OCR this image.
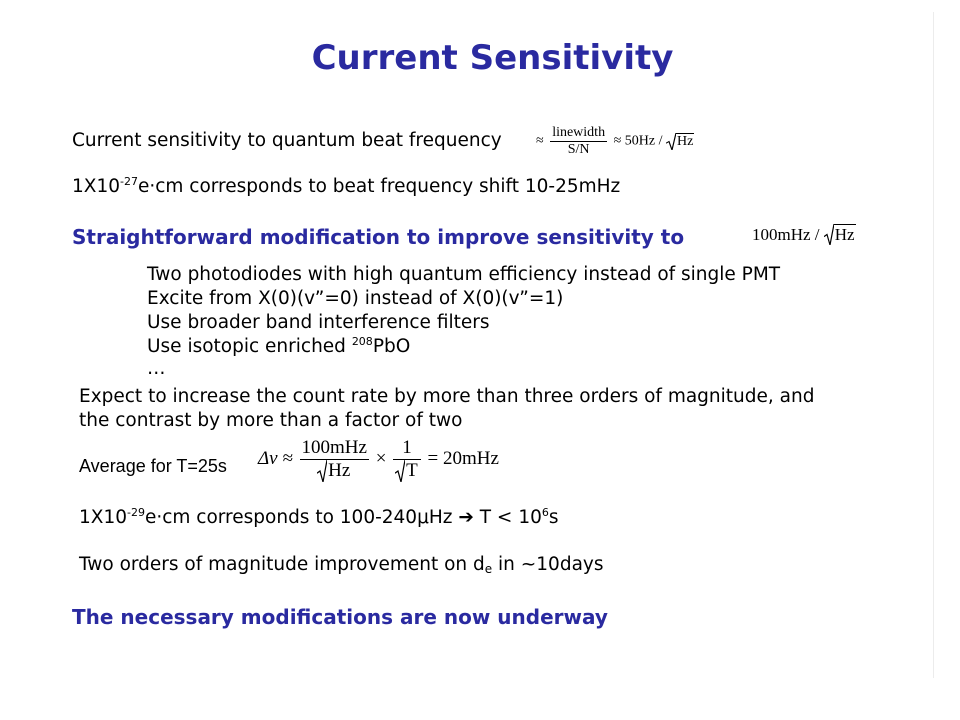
Current Sensitivity
Current sensitivity to quantum beat frequency ≈ $\frac{\text{linewidth}}{S/N} \approx 50Hz / Hz$
$1X10^{-27}e\cdot cm$ corresponds to beat frequency shift 10-25mHz
Straightforward modification to improve sensitivity to	100mHz / Hz
Two photodiodes with high quantum efficiency instead of single PMT
Excite from X(0)(v”=0) instead of X(0)(v”=1)
Use broader band interference filters
Use isotopic enriched $^{208}$PbO
…
Expect to increase the count rate by more than three orders of magnitude, and
the contrast by more than a factor of two
Average for T=25s $\Delta\nu \approx \frac{\text{100mHz}}{Hz} \times \frac{1}{T} = 20mHz$
$1X10^{-29}e\cdot cm$ corresponds to 100-240μHz ➔ $T < 10^6s$
Two orders of magnitude improvement on $d_e$ in ~10days
The necessary modifications are now underway
